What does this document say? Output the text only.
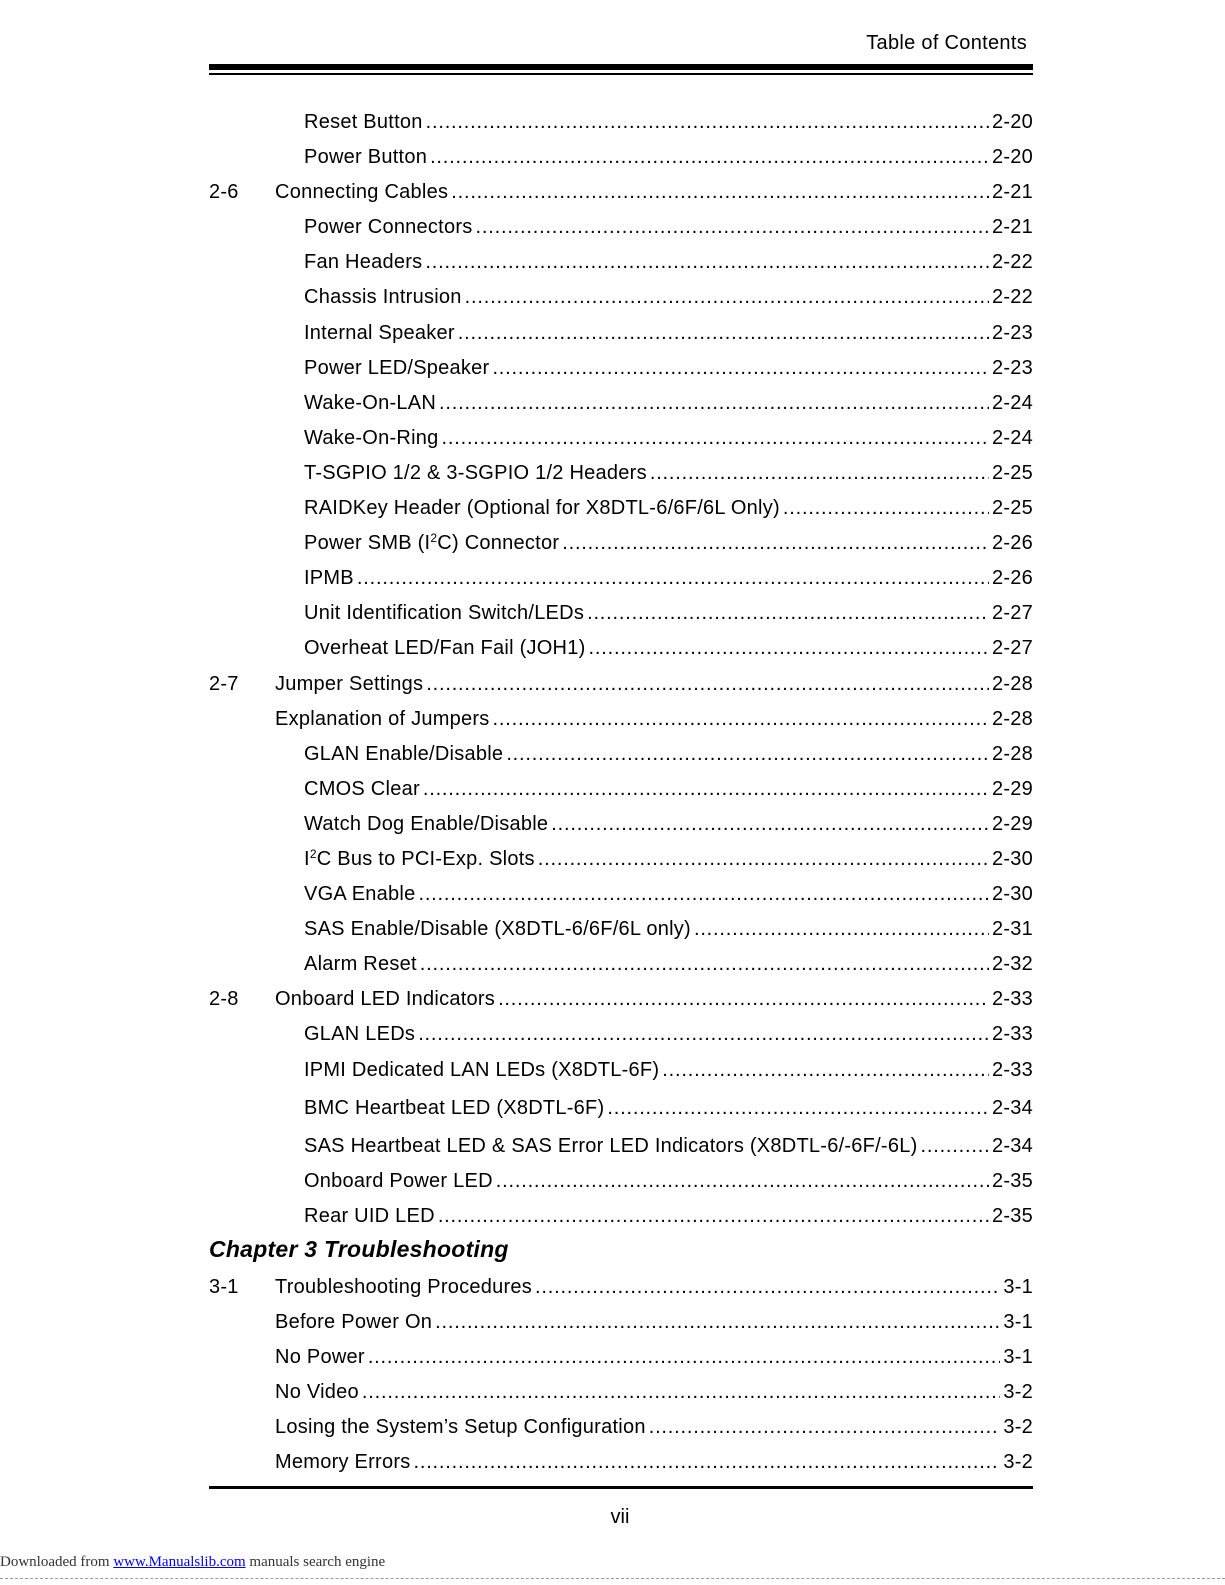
Table of Contents
Reset Button .....	2-20
Power Button .....	2-20
2-6 Connecting Cables .....	2-21
Power Connectors .....	2-21
Fan Headers .....	2-22
Chassis Intrusion .....	2-22
Internal Speaker .....	2-23
Power LED/Speaker .....	2-23
Wake-On-LAN .....	2-24
Wake-On-Ring .....	2-24
T-SGPIO 1/2 & 3-SGPIO 1/2 Headers .....	2-25
RAIDKey Header (Optional for X8DTL-6/6F/6L Only) .....	2-25
Power SMB $(I^2C)$ Connector .....	2-26
IPMB .....	2-26
Unit Identification Switch/LEDs .....	2-27
Overheat LED/Fan Fail (JOH1) .....	2-27
2-7 Jumper Settings .....	2-28
Explanation of Jumpers .....	2-28
GLAN Enable/Disable .....	2-28
CMOS Clear .....	2-29
Watch Dog Enable/Disable .....	2-29
$I^2C$ Bus to PCI-Exp. Slots .....	2-30
VGA Enable .....	2-30
SAS Enable/Disable (X8DTL-6/6F/6L only) .....	2-31
Alarm Reset .....	2-32
2-8 Onboard LED Indicators .....	2-33
GLAN LEDs .....	2-33
IPMI Dedicated LAN LEDs (X8DTL-6F) .....	2-33
BMC Heartbeat LED (X8DTL-6F) .....	2-34
SAS Heartbeat LED & SAS Error LED Indicators (X8DTL-6/-6F/-6L) .....	2-34
Onboard Power LED .....	2-35
Rear UID LED .....	2-35
Chapter 3 Troubleshooting
3-1 Troubleshooting Procedures .....	3-1
Before Power On .....	3-1
No Power .....	3-1
No Video .....	3-2
Losing the System’s Setup Configuration .....	3-2
Memory Errors .....	3-2
vii
Downloaded from www.Manualslib.com manuals search engine
